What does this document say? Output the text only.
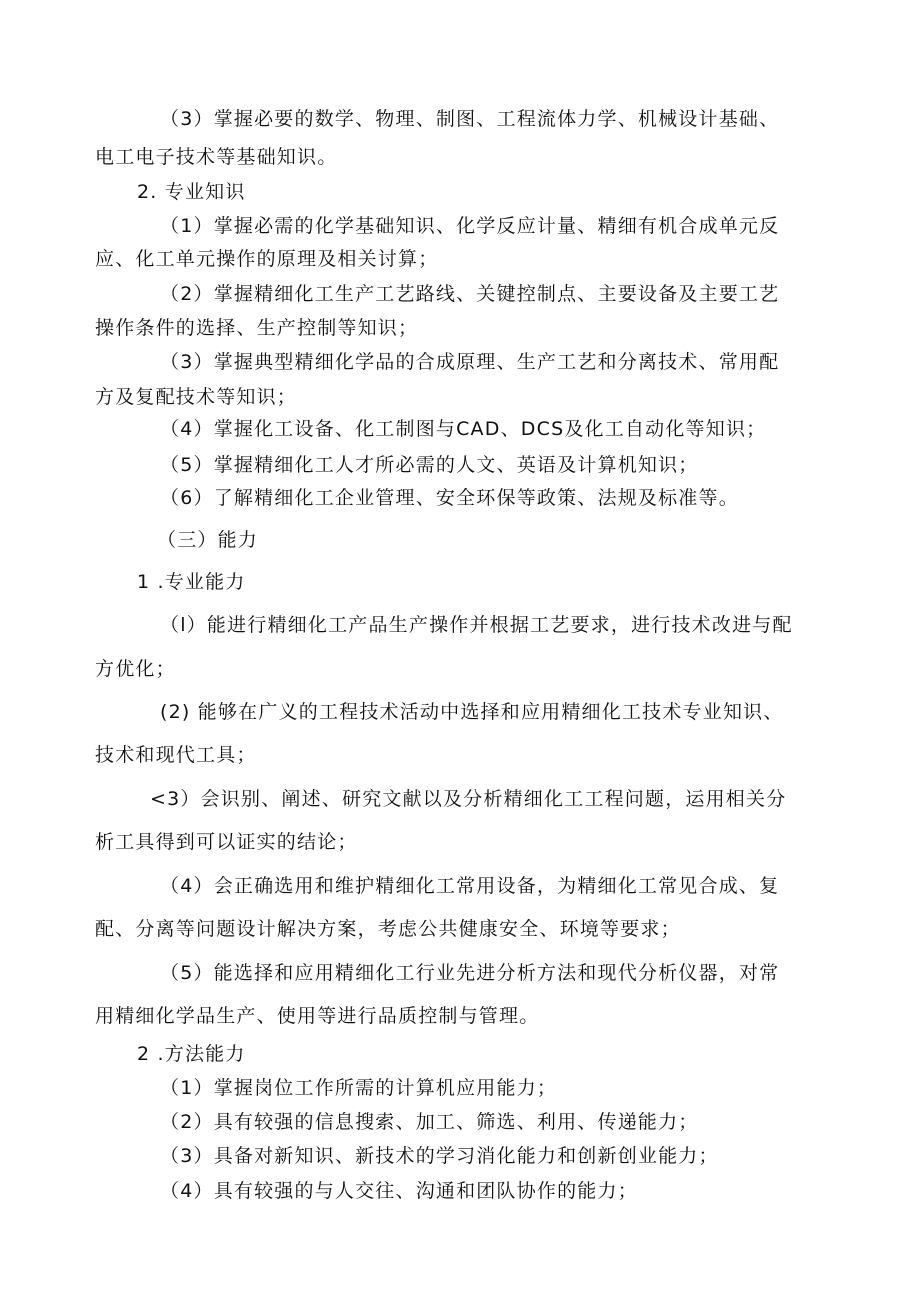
（3）掌握必要的数学、物理、制图、工程流体力学、机械设计基础、
电工电子技术等基础知识。
2. 专业知识
（1）掌握必需的化学基础知识、化学反应计量、精细有机合成单元反
应、化工单元操作的原理及相关讨算；
（2）掌握精细化工生产工艺路线、关键控制点、主要设备及主要工艺
操作条件的选择、生产控制等知识；
（3）掌握典型精细化学品的合成原理、生产工艺和分离技术、常用配
方及复配技术等知识；
（4）掌握化工设备、化工制图与CAD、DCS及化工自动化等知识；
（5）掌握精细化工人才所必需的人文、英语及计算机知识；
（6）了解精细化工企业管理、安全环保等政策、法规及标准等。
（三）能力
1 .专业能力
（l）能进行精细化工产品生产操作并根据工艺要求，进行技术改进与配
方优化；
(2) 能够在广义的工程技术活动中选择和应用精细化工技术专业知识、
技术和现代工具；
<3）会识别、阐述、研究文献以及分析精细化工工程问题，运用相关分
析工具得到可以证实的结论；
（4）会正确选用和维护精细化工常用设备，为精细化工常见合成、复
配、分离等问题设计解决方案，考虑公共健康安全、环境等要求；
（5）能选择和应用精细化工行业先进分析方法和现代分析仪器，对常
用精细化学品生产、使用等进行品质控制与管理。
2 .方法能力
（1）掌握岗位工作所需的计算机应用能力；
（2）具有较强的信息搜索、加工、筛选、利用、传递能力；
（3）具备对新知识、新技术的学习消化能力和创新创业能力；
（4）具有较强的与人交往、沟通和团队协作的能力；
